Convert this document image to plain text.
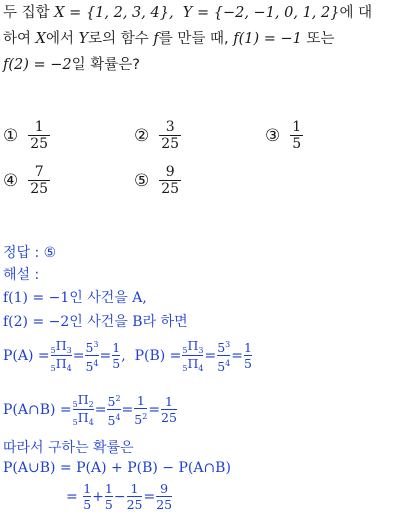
두 집합 X = {1, 2, 3, 4}, Y = {−2, −1, 0, 1, 2}에 대
하여 X에서 Y로의 함수 f를 만들 때, f(1) = −1 또는
f(2) = −2일 확률은?
① $\frac{1}{25}$	② $\frac{3}{25}$	③ $\frac{1}{5}$
④ $\frac{7}{25}$	⑤ $\frac{9}{25}$
정답 : ⑤
해설 :
f(1) = −1인 사건을 A,
f(2) = −2인 사건을 B라 하면
$P(A) = \frac{_5\Pi_3}{_5\Pi_4} = \frac{5^3}{5^4} = \frac{1}{5}$ , $P(B) = \frac{_5\Pi_3}{_5\Pi_4} = \frac{5^3}{5^4} = \frac{1}{5}$
P(A∩B) = $\frac{_5\Pi_2}{_5\Pi_4} = \frac{5^2}{5^4} = \frac{1}{5^2} = \frac{1}{25}$
따라서 구하는 확률은
P(A∪B) = P(A) + P(B) − P(A∩B)
=
$\frac{1}{5} + \frac{1}{5} - \frac{1}{25} = \frac{9}{25}$
